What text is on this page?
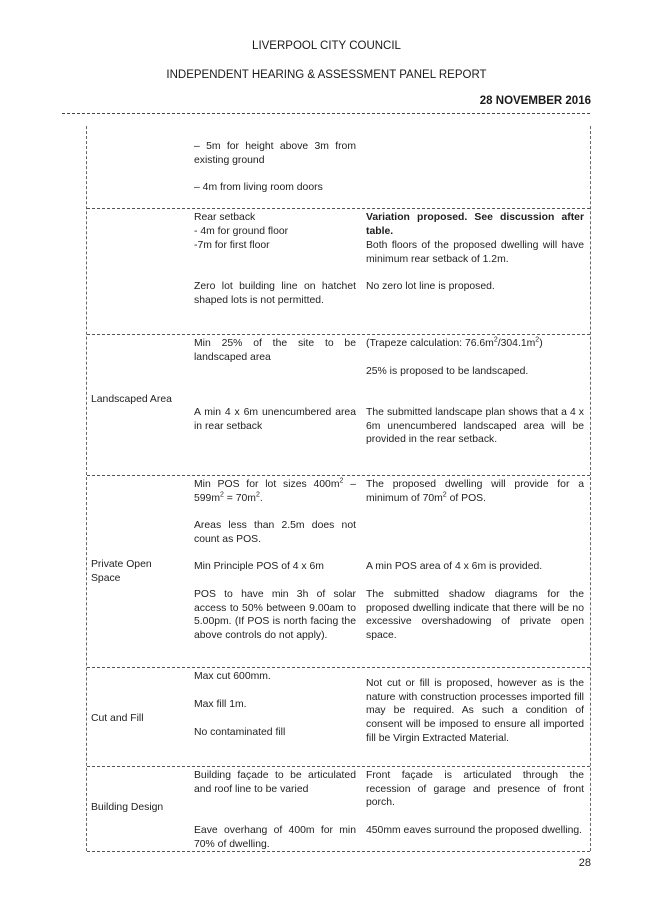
LIVERPOOL CITY COUNCIL
INDEPENDENT HEARING & ASSESSMENT PANEL REPORT
28 NOVEMBER 2016
– 5m for height above 3m from existing ground
– 4m from living room doors
Rear setback
- 4m for ground floor
-7m for first floor
Zero lot building line on hatchet shaped lots is not permitted.
Variation proposed. See discussion after table.
Both floors of the proposed dwelling will have minimum rear setback of 1.2m.
No zero lot line is proposed.
Landscaped Area
Min 25% of the site to be landscaped area
A min 4 x 6m unencumbered area in rear setback
(Trapeze calculation: $76.6m^2/304.1m^2$)
25% is proposed to be landscaped.
The submitted landscape plan shows that a 4 x 6m unencumbered landscaped area will be provided in the rear setback.
Private Open
Space
Min POS for lot sizes $400m^2 - 599m^2 = 70m^2$.
Areas less than 2.5m does not count as POS.
Min Principle POS of 4 x 6m
POS to have min 3h of solar access to 50% between 9.00am to 5.00pm. (If POS is north facing the above controls do not apply).
The proposed dwelling will provide for a minimum of $70m^2$ of POS.
A min POS area of 4 x 6m is provided.
The submitted shadow diagrams for the proposed dwelling indicate that there will be no excessive overshadowing of private open space.
Cut and Fill
Max cut 600mm.
Max fill 1m.
No contaminated fill
Not cut or fill is proposed, however as is the nature with construction processes imported fill may be required. As such a condition of consent will be imposed to ensure all imported fill be Virgin Extracted Material.
Building Design
Building façade to be articulated and roof line to be varied
Eave overhang of 400m for min 70% of dwelling.
Front façade is articulated through the recession of garage and presence of front porch.
450mm eaves surround the proposed dwelling.
28
